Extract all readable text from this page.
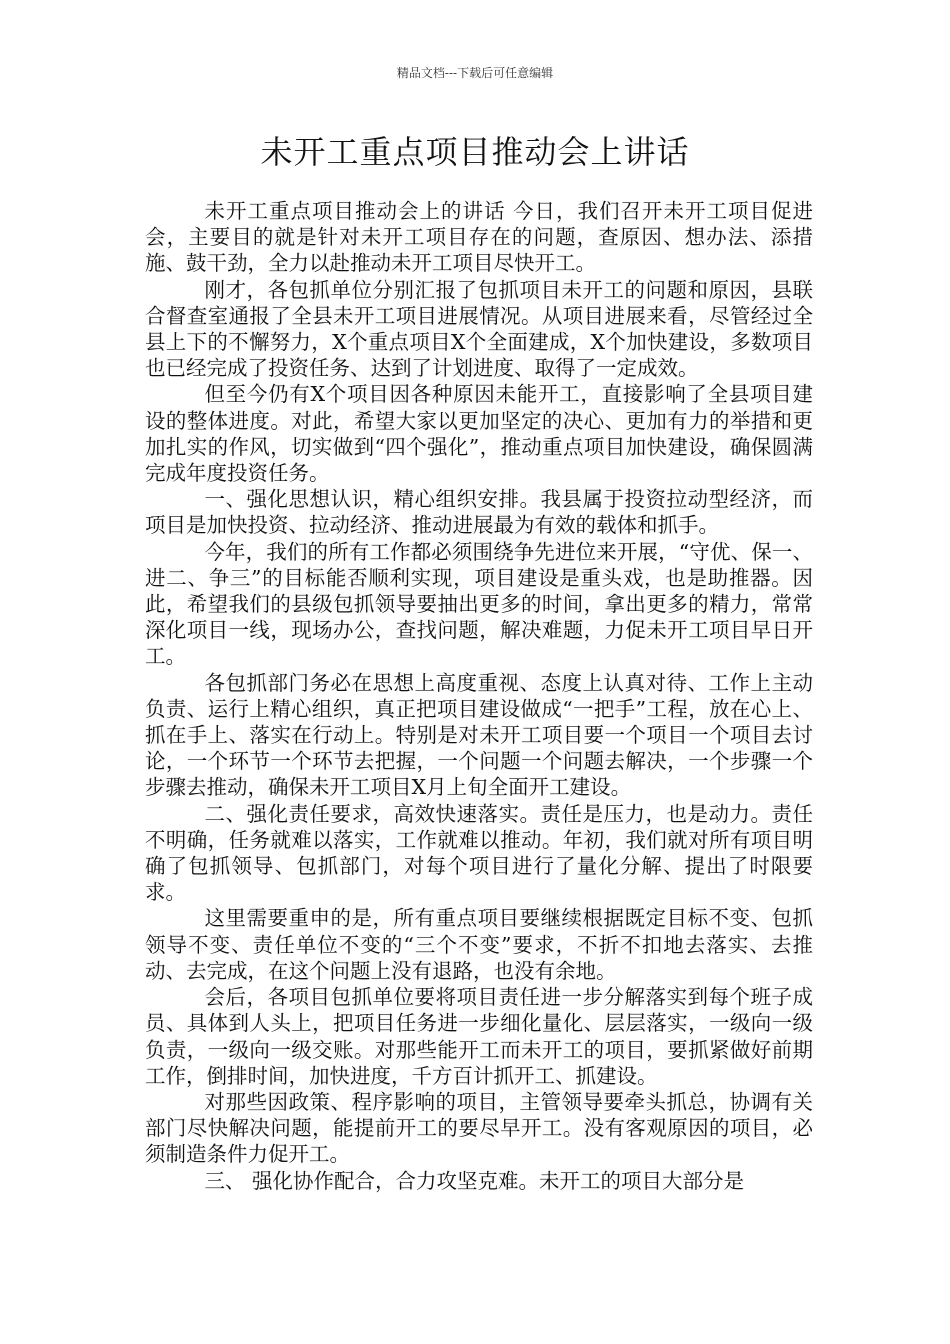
精品文档---下载后可任意编辑
未开工重点项目推动会上讲话

未开工重点项目推动会上的讲话 今日，我们召开未开工项目促进会，主要目的就是针对未开工项目存在的问题，查原因、想办法、添措施、鼓干劲，全力以赴推动未开工项目尽快开工。

刚才，各包抓单位分别汇报了包抓项目未开工的问题和原因，县联合督查室通报了全县未开工项目进展情况。从项目进展来看，尽管经过全县上下的不懈努力，X个重点项目X个全面建成，X个加快建设，多数项目也已经完成了投资任务、达到了计划进度、取得了一定成效。

但至今仍有X个项目因各种原因未能开工，直接影响了全县项目建设的整体进度。对此，希望大家以更加坚定的决心、更加有力的举措和更加扎实的作风，切实做到“四个强化”，推动重点项目加快建设，确保圆满完成年度投资任务。

一、强化思想认识，精心组织安排。我县属于投资拉动型经济，而项目是加快投资、拉动经济、推动进展最为有效的载体和抓手。

今年，我们的所有工作都必须围绕争先进位来开展，“守优、保一、进二、争三”的目标能否顺利实现，项目建设是重头戏，也是助推器。因此，希望我们的县级包抓领导要抽出更多的时间，拿出更多的精力，常常深化项目一线，现场办公，查找问题，解决难题，力促未开工项目早日开工。

各包抓部门务必在思想上高度重视、态度上认真对待、工作上主动负责、运行上精心组织，真正把项目建设做成“一把手”工程，放在心上、抓在手上、落实在行动上。特别是对未开工项目要一个项目一个项目去讨论，一个环节一个环节去把握，一个问题一个问题去解决，一个步骤一个步骤去推动，确保未开工项目X月上旬全面开工建设。

二、强化责任要求，高效快速落实。责任是压力，也是动力。责任不明确，任务就难以落实，工作就难以推动。年初，我们就对所有项目明确了包抓领导、包抓部门，对每个项目进行了量化分解、提出了时限要求。

这里需要重申的是，所有重点项目要继续根据既定目标不变、包抓领导不变、责任单位不变的“三个不变”要求，不折不扣地去落实、去推动、去完成，在这个问题上没有退路，也没有余地。

会后，各项目包抓单位要将项目责任进一步分解落实到每个班子成员、具体到人头上，把项目任务进一步细化量化、层层落实，一级向一级负责，一级向一级交账。对那些能开工而未开工的项目，要抓紧做好前期工作，倒排时间，加快进度，千方百计抓开工、抓建设。

对那些因政策、程序影响的项目，主管领导要牵头抓总，协调有关部门尽快解决问题，能提前开工的要尽早开工。没有客观原因的项目，必须制造条件力促开工。

三、 强化协作配合，合力攻坚克难。未开工的项目大部分是
